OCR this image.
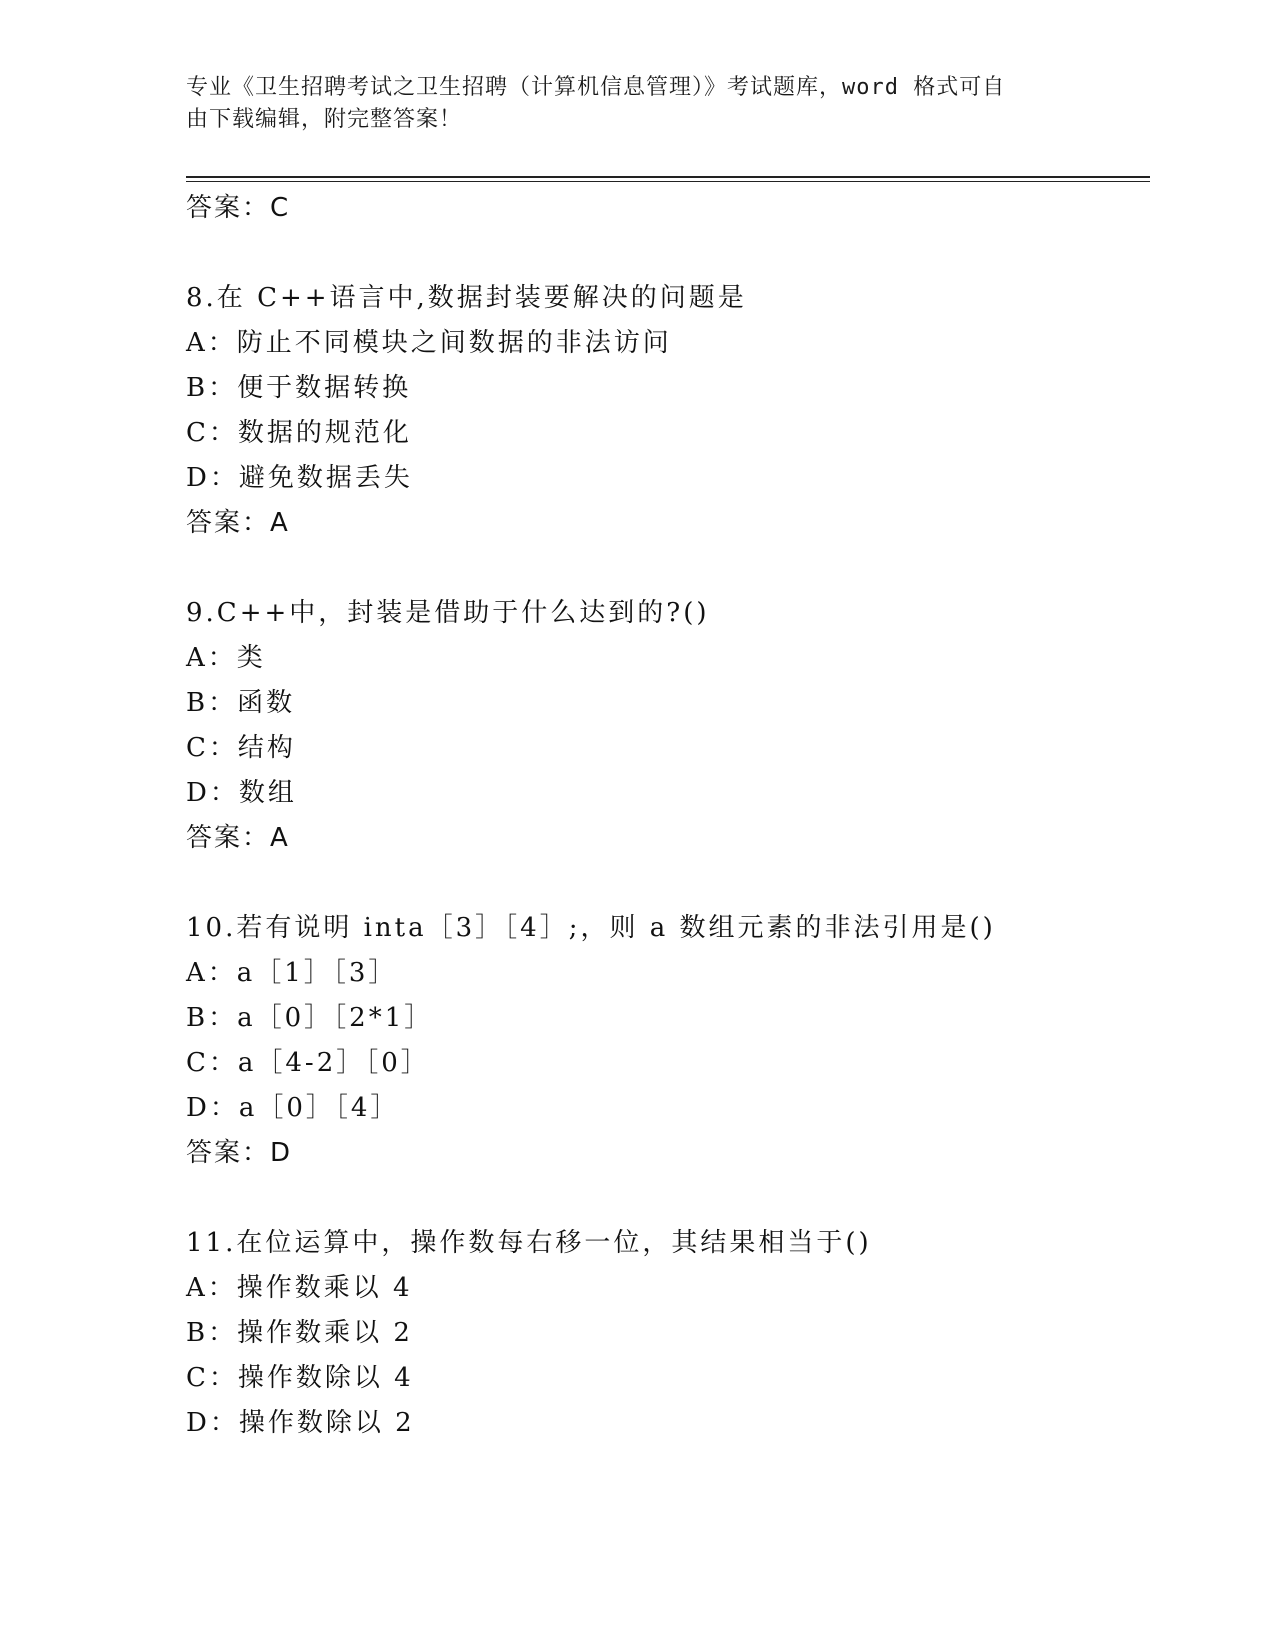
专业《卫生招聘考试之卫生招聘（计算机信息管理）》考试题库，word 格式可自
由下载编辑，附完整答案！
答案：C
8.在 C++语言中,数据封装要解决的问题是
A：防止不同模块之间数据的非法访问
B：便于数据转换
C：数据的规范化
D：避免数据丢失
答案：A
9.C++中，封装是借助于什么达到的?()
A：类
B：函数
C：结构
D：数组
答案：A
10.若有说明 inta［3］［4］;，则 a 数组元素的非法引用是()
A：a［1］［3］
B：a［0］［2*1］
C：a［4-2］［0］
D：a［0］［4］
答案：D
11.在位运算中，操作数每右移一位，其结果相当于()
A：操作数乘以 4
B：操作数乘以 2
C：操作数除以 4
D：操作数除以 2
